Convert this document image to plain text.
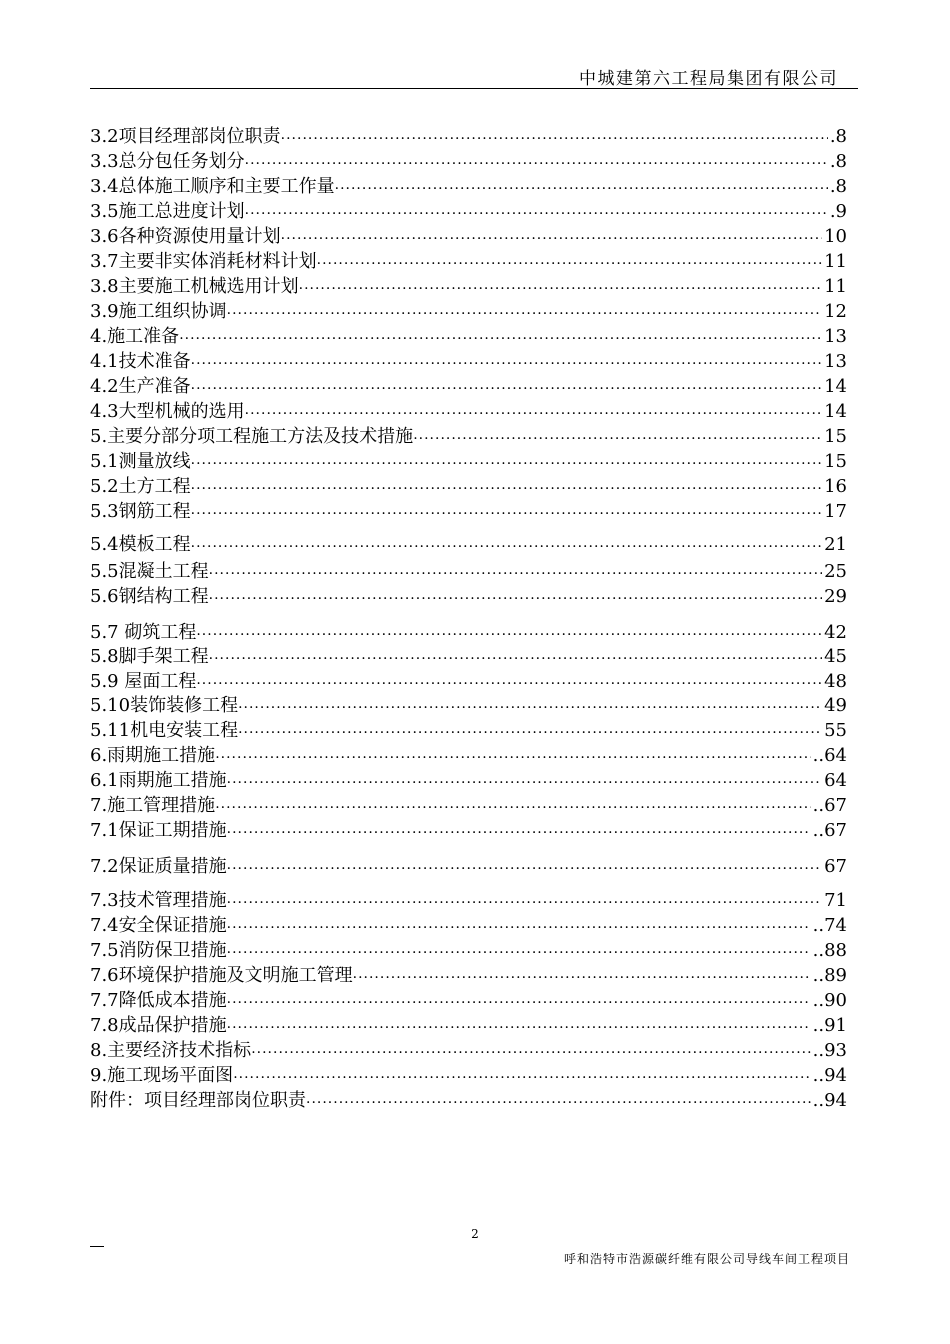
中城建第六工程局集团有限公司
3.2项目经理部岗位职责 ·····	.8
3.3总分包任务划分 ·····	.8
3.4总体施工顺序和主要工作量 ·····	.8
3.5施工总进度计划 ·····	.9
3.6各种资源使用量计划 ·····	10
3.7主要非实体消耗材料计划 ·····	11
3.8主要施工机械选用计划 ·····	11
3.9施工组织协调 ·····	12
4.施工准备 ·····	13
4.1技术准备 ·····	13
4.2生产准备 ·····	14
4.3大型机械的选用 ·····	14
5.主要分部分项工程施工方法及技术措施 ·····	15
5.1测量放线 ·····	15
5.2土方工程 ·····	16
5.3钢筋工程 ·····	17
5.4模板工程 ·····	21
5.5混凝土工程 ·····	25
5.6钢结构工程 ·····	29
5.7 砌筑工程 ·····	42
5.8脚手架工程 ·····	45
5.9 屋面工程 ·····	48
5.10装饰装修工程 ·····	49
5.11机电安装工程 ·····	55
6.雨期施工措施 ·····	..64
6.1雨期施工措施 ·····	64
7.施工管理措施 ·····	..67
7.1保证工期措施 ·····	..67
7.2保证质量措施 ·····	67
7.3技术管理措施 ·····	71
7.4安全保证措施 ·····	..74
7.5消防保卫措施 ·····	..88
7.6环境保护措施及文明施工管理 ·····	..89
7.7降低成本措施 ·····	..90
7.8成品保护措施 ·····	..91
8.主要经济技术指标 ·····	..93
9.施工现场平面图 ·····	..94
附件：项目经理部岗位职责 ·····	..94
2
呼和浩特市浩源碳纤维有限公司导线车间工程项目
